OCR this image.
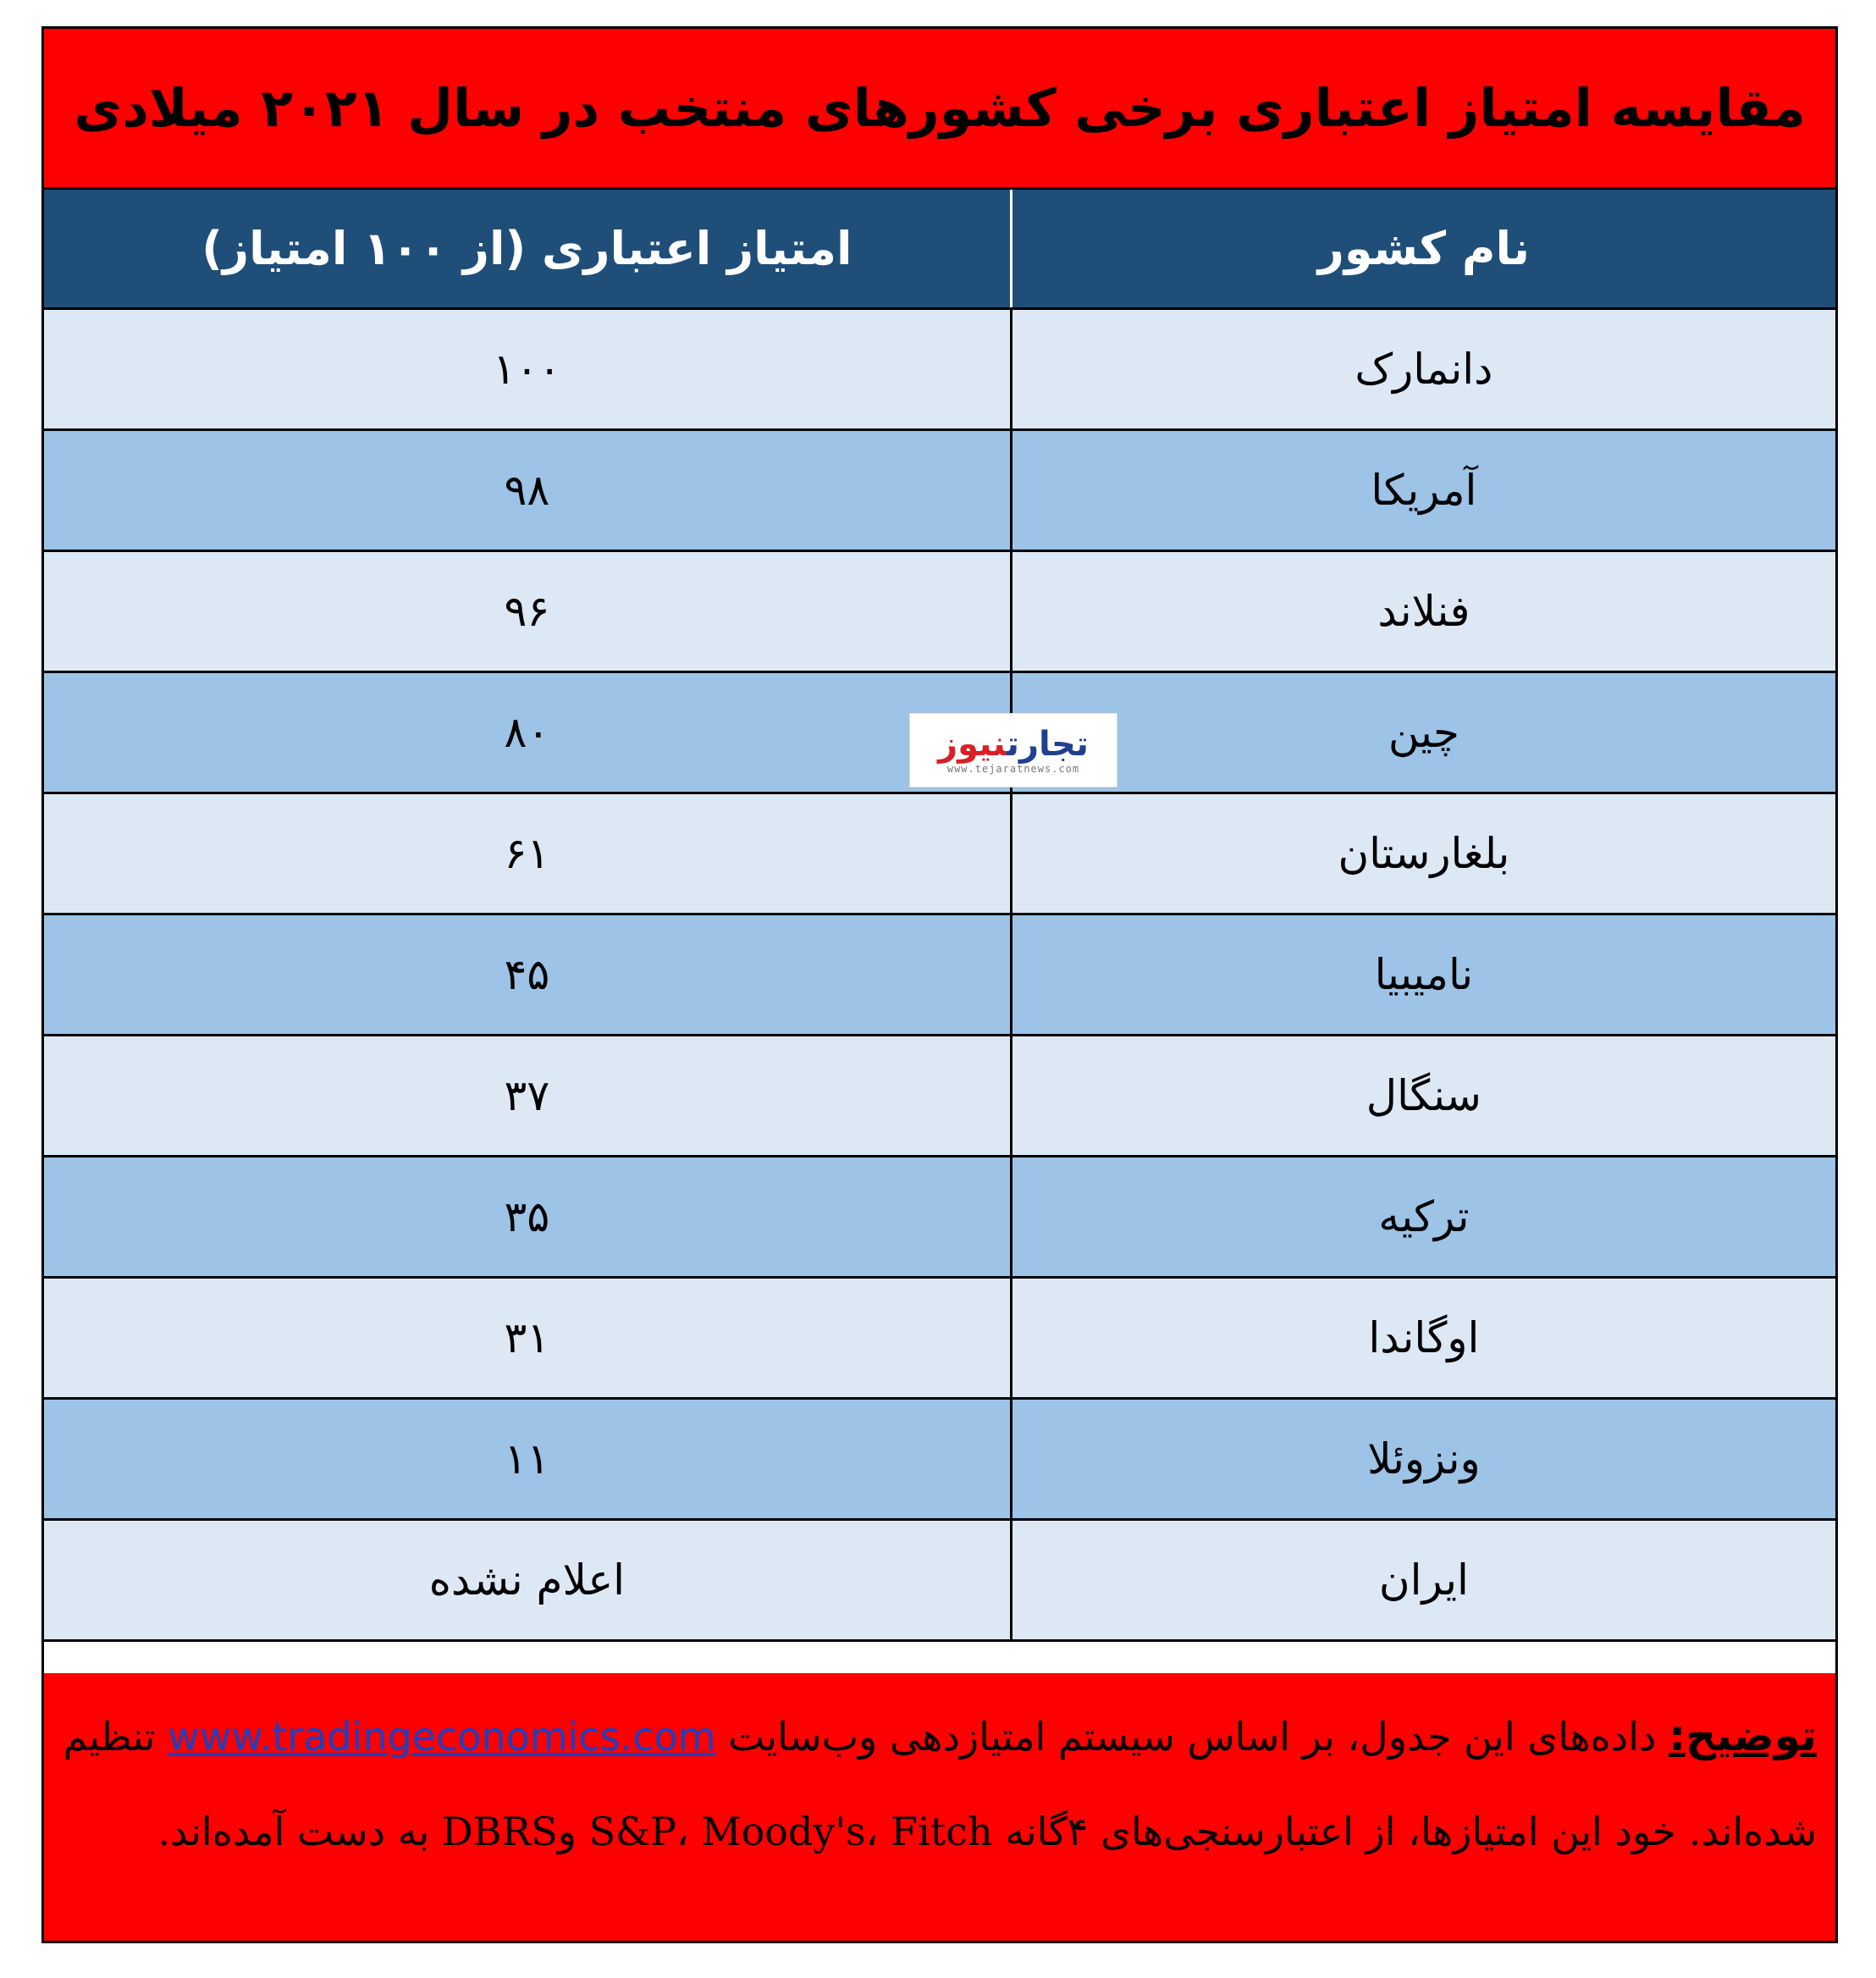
مقایسه امتیاز اعتباری برخی کشورهای منتخب در سال ۲۰۲۱ میلادی
نام کشور
امتیاز اعتباری (از ۱۰۰ امتیاز)
دانمارک
۱۰۰
آمریکا
۹۸
فنلاند
۹۶
چین
۸۰
بلغارستان
۶۱
نامیبیا
۴۵
سنگال
۳۷
ترکیه
۳۵
اوگاندا
۳۱
ونزوئلا
۱۱
ایران
اعلام نشده
توضیح: داده‌های این جدول، بر اساس سیستم امتیازدهی وب‌سایت www.tradingeconomics.com تنظیم شده‌اند. خود این امتیازها، از اعتبارسنجی‌های ۴گانه S&P، Moody's، Fitch وDBRS به دست آمده‌اند.
تجارتنیوز
www.tejaratnews.com
